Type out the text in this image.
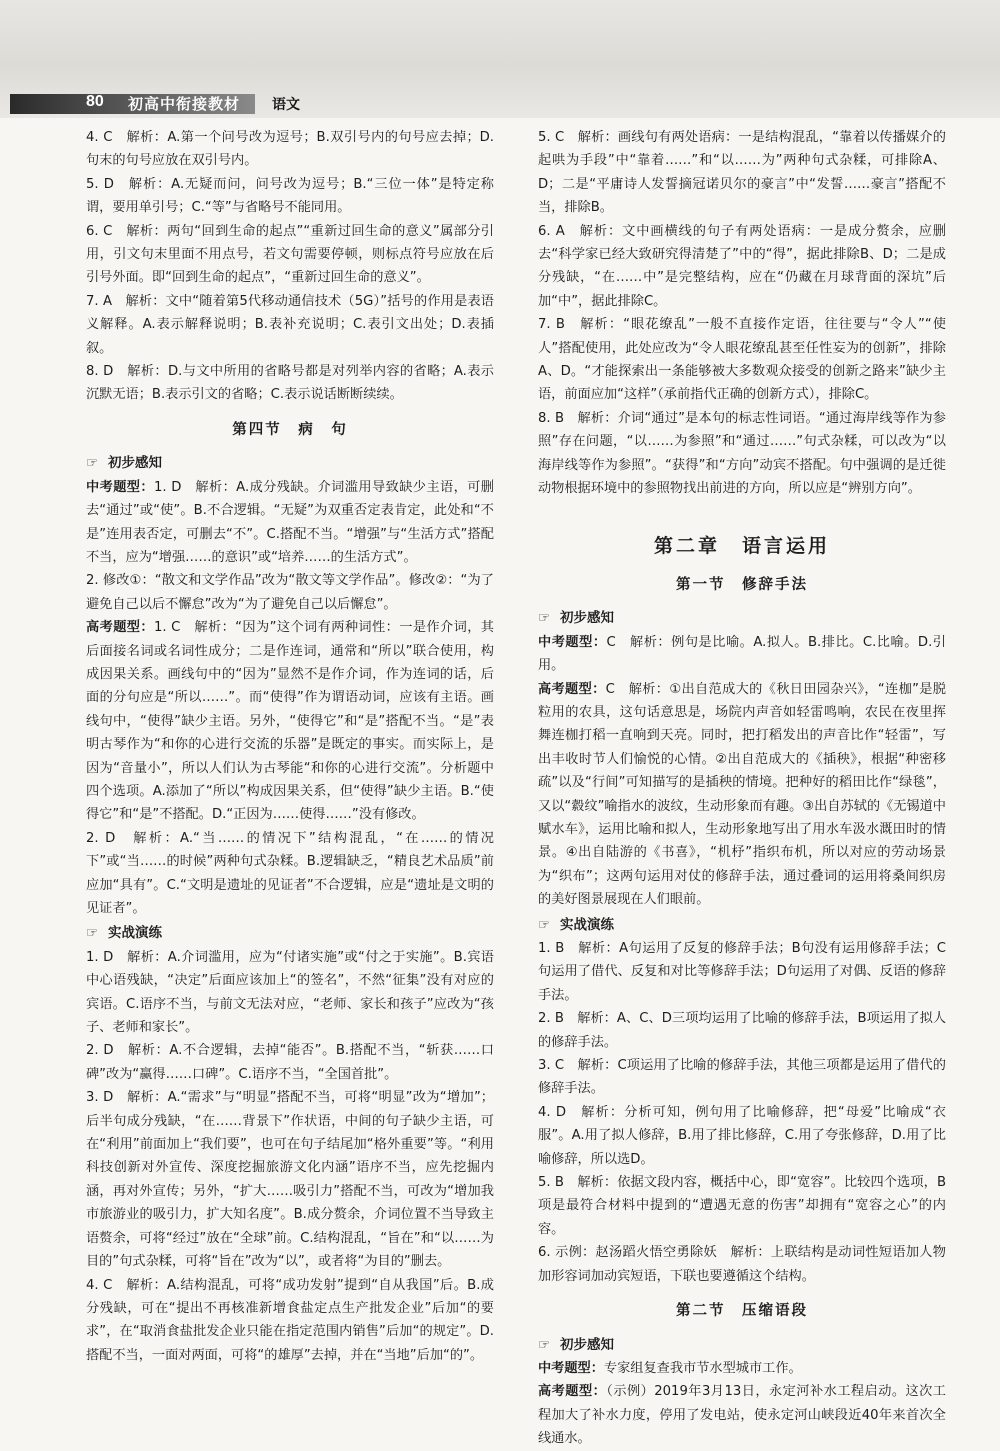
80 初高中衔接教材 语文

4. C　解析：A.第一个问号改为逗号；B.双引号内的句号应去掉；D.句末的句号应放在双引号内。

5. D　解析：A.无疑而问，问号改为逗号；B.“三位一体”是特定称谓，要用单引号；C.“等”与省略号不能同用。

6. C　解析：两句“回到生命的起点”“重新过回生命的意义”属部分引用，引文句末里面不用点号，若文句需要停顿，则标点符号应放在后引号外面。即“回到生命的起点”，“重新过回生命的意义”。

7. A　解析：文中“随着第5代移动通信技术（5G）”括号的作用是表语义解释。A.表示解释说明；B.表补充说明；C.表引文出处；D.表插叙。

8. D　解析：D.与文中所用的省略号都是对列举内容的省略；A.表示沉默无语；B.表示引文的省略；C.表示说话断断续续。

第四节　病　句
☞ 初步感知

中考题型：1. D　解析：A.成分残缺。介词滥用导致缺少主语，可删去“通过”或“使”。B.不合逻辑。“无疑”为双重否定表肯定，此处和“不是”连用表否定，可删去“不”。C.搭配不当。“增强”与“生活方式”搭配不当，应为“增强……的意识”或“培养……的生活方式”。

2. 修改①：“散文和文学作品”改为“散文等文学作品”。修改②：“为了避免自己以后不懈怠”改为“为了避免自己以后懈怠”。

高考题型：1. C　解析：“因为”这个词有两种词性：一是作介词，其后面接名词或名词性成分；二是作连词，通常和“所以”联合使用，构成因果关系。画线句中的“因为”显然不是作介词，作为连词的话，后面的分句应是“所以……”。而“使得”作为谓语动词，应该有主语。画线句中，“使得”缺少主语。另外，“使得它”和“是”搭配不当。“是”表明古琴作为“和你的心进行交流的乐器”是既定的事实。而实际上，是因为“音量小”，所以人们认为古琴能“和你的心进行交流”。分析题中四个选项。A.添加了“所以”构成因果关系，但“使得”缺少主语。B.“使得它”和“是”不搭配。D.“正因为……使得……”没有修改。

2. D　解析：A.“当……的情况下”结构混乱，“在……的情况下”或“当……的时候”两种句式杂糅。B.逻辑缺乏，“精良艺术品质”前应加“具有”。C.“文明是遗址的见证者”不合逻辑，应是“遗址是文明的见证者”。

☞ 实战演练

1. D　解析：A.介词滥用，应为“付诸实施”或“付之于实施”。B.宾语中心语残缺，“决定”后面应该加上“的签名”，不然“征集”没有对应的宾语。C.语序不当，与前文无法对应，“老师、家长和孩子”应改为“孩子、老师和家长”。

2. D　解析：A.不合逻辑，去掉“能否”。B.搭配不当，“斩获……口碑”改为“赢得……口碑”。C.语序不当，“全国首批”。

3. D　解析：A.“需求”与“明显”搭配不当，可将“明显”改为“增加”；后半句成分残缺，“在……背景下”作状语，中间的句子缺少主语，可在“利用”前面加上“我们要”，也可在句子结尾加“格外重要”等。“利用科技创新对外宣传、深度挖掘旅游文化内涵”语序不当，应先挖掘内涵，再对外宣传；另外，“扩大……吸引力”搭配不当，可改为“增加我市旅游业的吸引力，扩大知名度”。B.成分赘余，介词位置不当导致主语赘余，可将“经过”放在“全球”前。C.结构混乱，“旨在”和“以……为目的”句式杂糅，可将“旨在”改为“以”，或者将“为目的”删去。

4. C　解析：A.结构混乱，可将“成功发射”提到“自从我国”后。B.成分残缺，可在“提出不再核准新增食盐定点生产批发企业”后加“的要求”，在“取消食盐批发企业只能在指定范围内销售”后加“的规定”。D.搭配不当，一面对两面，可将“的雄厚”去掉，并在“当地”后加“的”。

5. C　解析：画线句有两处语病：一是结构混乱，“靠着以传播媒介的起哄为手段”中“靠着……”和“以……为”两种句式杂糅，可排除A、D；二是“平庸诗人发誓摘冠诺贝尔的豪言”中“发誓……豪言”搭配不当，排除B。

6. A　解析：文中画横线的句子有两处语病：一是成分赘余，应删去“科学家已经大致研究得清楚了”中的“得”，据此排除B、D；二是成分残缺，“在……中”是完整结构，应在“仍藏在月球背面的深坑”后加“中”，据此排除C。

7. B　解析：“眼花缭乱”一般不直接作定语，往往要与“令人”“使人”搭配使用，此处应改为“令人眼花缭乱甚至任性妄为的创新”，排除A、D。“才能探索出一条能够被大多数观众接受的创新之路来”缺少主语，前面应加“这样”（承前指代正确的创新方式），排除C。

8. B　解析：介词“通过”是本句的标志性词语。“通过海岸线等作为参照”存在问题，“以……为参照”和“通过……”句式杂糅，可以改为“以海岸线等作为参照”。“获得”和“方向”动宾不搭配。句中强调的是迁徙动物根据环境中的参照物找出前进的方向，所以应是“辨别方向”。

第二章　语言运用
第一节　修辞手法
☞ 初步感知

中考题型：C　解析：例句是比喻。A.拟人。B.排比。C.比喻。D.引用。

高考题型：C　解析：①出自范成大的《秋日田园杂兴》，“连枷”是脱粒用的农具，这句话意思是，场院内声音如轻雷鸣响，农民在夜里挥舞连枷打稻一直响到天亮。同时，把打稻发出的声音比作“轻雷”，写出丰收时节人们愉悦的心情。②出自范成大的《插秧》，根据“种密移疏”以及“行间”可知描写的是插秧的情境。把种好的稻田比作“绿毯”，又以“縠纹”喻指水的波纹，生动形象而有趣。③出自苏轼的《无锡道中赋水车》，运用比喻和拟人，生动形象地写出了用水车汲水溉田时的情景。④出自陆游的《书喜》，“机杼”指织布机，所以对应的劳动场景为“织布”；这两句运用对仗的修辞手法，通过叠词的运用将桑间织房的美好图景展现在人们眼前。

☞ 实战演练

1. B　解析：A句运用了反复的修辞手法；B句没有运用修辞手法；C句运用了借代、反复和对比等修辞手法；D句运用了对偶、反语的修辞手法。

2. B　解析：A、C、D三项均运用了比喻的修辞手法，B项运用了拟人的修辞手法。

3. C　解析：C项运用了比喻的修辞手法，其他三项都是运用了借代的修辞手法。

4. D　解析：分析可知，例句用了比喻修辞，把“母爱”比喻成“衣服”。A.用了拟人修辞，B.用了排比修辞，C.用了夸张修辞，D.用了比喻修辞，所以选D。

5. B　解析：依据文段内容，概括中心，即“宽容”。比较四个选项，B项是最符合材料中提到的“遭遇无意的伤害”却拥有“宽容之心”的内容。

6. 示例：赵汤蹈火悟空勇除妖　解析：上联结构是动词性短语加人物加形容词加动宾短语，下联也要遵循这个结构。

第二节　压缩语段
☞ 初步感知

中考题型：专家组复查我市节水型城市工作。

高考题型：（示例）2019年3月13日，永定河补水工程启动。这次工程加大了补水力度，停用了发电站，使永定河山峡段近40年来首次全线通水。
